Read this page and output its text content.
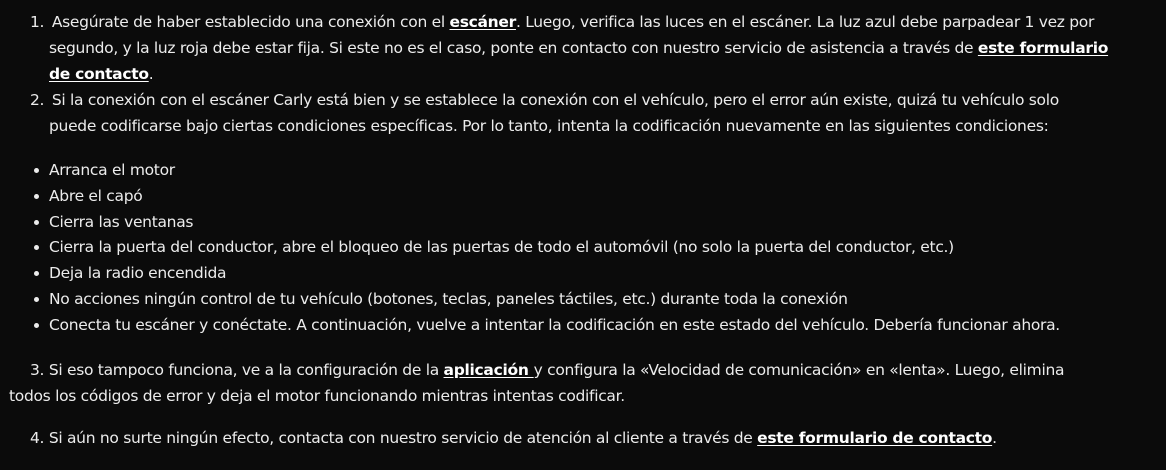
1. Asegúrate de haber establecido una conexión con el escáner. Luego, verifica las luces en el escáner. La luz azul debe parpadear 1 vez por
segundo, y la luz roja debe estar fija. Si este no es el caso, ponte en contacto con nuestro servicio de asistencia a través de este formulario
de contacto.
2. Si la conexión con el escáner Carly está bien y se establece la conexión con el vehículo, pero el error aún existe, quizá tu vehículo solo
puede codificarse bajo ciertas condiciones específicas. Por lo tanto, intenta la codificación nuevamente en las siguientes condiciones:
Arranca el motor
Abre el capó
Cierra las ventanas
Cierra la puerta del conductor, abre el bloqueo de las puertas de todo el automóvil (no solo la puerta del conductor, etc.)
Deja la radio encendida
No acciones ningún control de tu vehículo (botones, teclas, paneles táctiles, etc.) durante toda la conexión
Conecta tu escáner y conéctate. A continuación, vuelve a intentar la codificación en este estado del vehículo. Debería funcionar ahora.
3. Si eso tampoco funciona, ve a la configuración de la aplicación y configura la «Velocidad de comunicación» en «lenta». Luego, elimina
todos los códigos de error y deja el motor funcionando mientras intentas codificar.
4. Si aún no surte ningún efecto, contacta con nuestro servicio de atención al cliente a través de este formulario de contacto.
